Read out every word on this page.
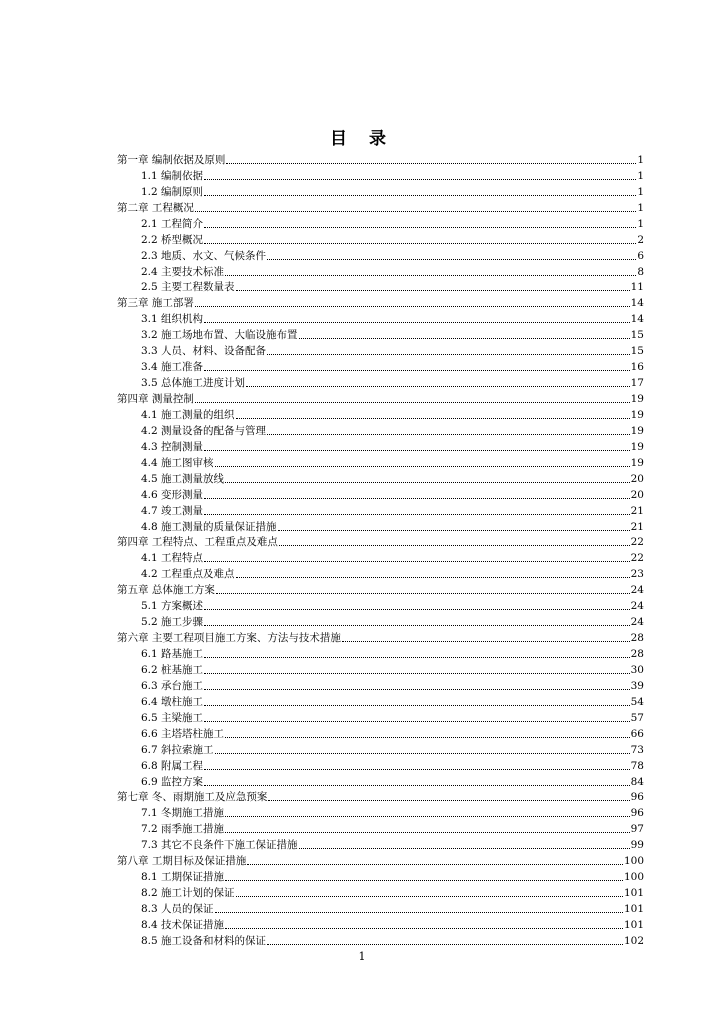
目 录
第一章 编制依据及原则	1
1.1 编制依据	1
1.2 编制原则	1
第二章 工程概况	1
2.1 工程简介	1
2.2 桥型概况	2
2.3 地质、水文、气候条件	6
2.4 主要技术标准	8
2.5 主要工程数量表	11
第三章 施工部署	14
3.1 组织机构	14
3.2 施工场地布置、大临设施布置	15
3.3 人员、材料、设备配备	15
3.4 施工准备	16
3.5 总体施工进度计划	17
第四章 测量控制	19
4.1 施工测量的组织	19
4.2 测量设备的配备与管理	19
4.3 控制测量	19
4.4 施工图审核	19
4.5 施工测量放线	20
4.6 变形测量	20
4.7 竣工测量	21
4.8 施工测量的质量保证措施	21
第四章 工程特点、工程重点及难点	22
4.1 工程特点	22
4.2 工程重点及难点	23
第五章 总体施工方案	24
5.1 方案概述	24
5.2 施工步骤	24
第六章 主要工程项目施工方案、方法与技术措施	28
6.1 路基施工	28
6.2 桩基施工	30
6.3 承台施工	39
6.4 墩柱施工	54
6.5 主梁施工	57
6.6 主塔塔柱施工	66
6.7 斜拉索施工	73
6.8 附属工程	78
6.9 监控方案	84
第七章 冬、雨期施工及应急预案	96
7.1 冬期施工措施	96
7.2 雨季施工措施	97
7.3 其它不良条件下施工保证措施	99
第八章 工期目标及保证措施	100
8.1 工期保证措施	100
8.2 施工计划的保证	101
8.3 人员的保证	101
8.4 技术保证措施	101
8.5 施工设备和材料的保证	102
1
